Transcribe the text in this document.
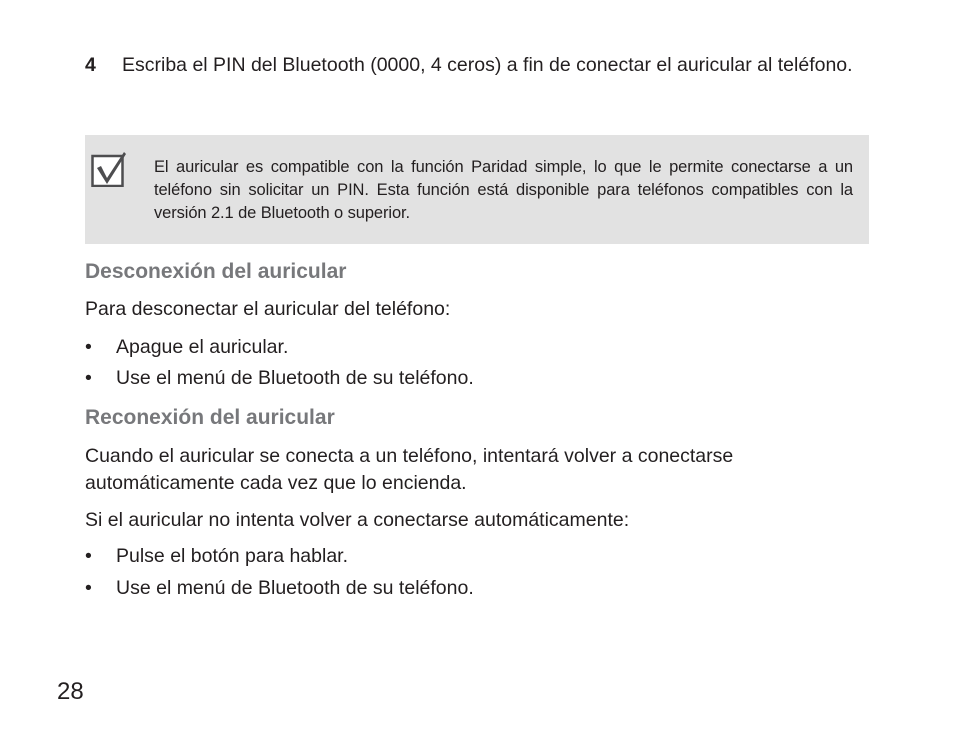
4 Escriba el PIN del Bluetooth (0000, 4 ceros) a fin de conectar el auricular al teléfono.
El auricular es compatible con la función Paridad simple, lo que le permite conectarse a un teléfono sin solicitar un PIN. Esta función está disponible para teléfonos compatibles con la versión 2.1 de Bluetooth o superior.
Desconexión del auricular
Para desconectar el auricular del teléfono:
• Apague el auricular.
• Use el menú de Bluetooth de su teléfono.
Reconexión del auricular
Cuando el auricular se conecta a un teléfono, intentará volver a conectarse automáticamente cada vez que lo encienda.
Si el auricular no intenta volver a conectarse automáticamente:
• Pulse el botón para hablar.
• Use el menú de Bluetooth de su teléfono.
28
